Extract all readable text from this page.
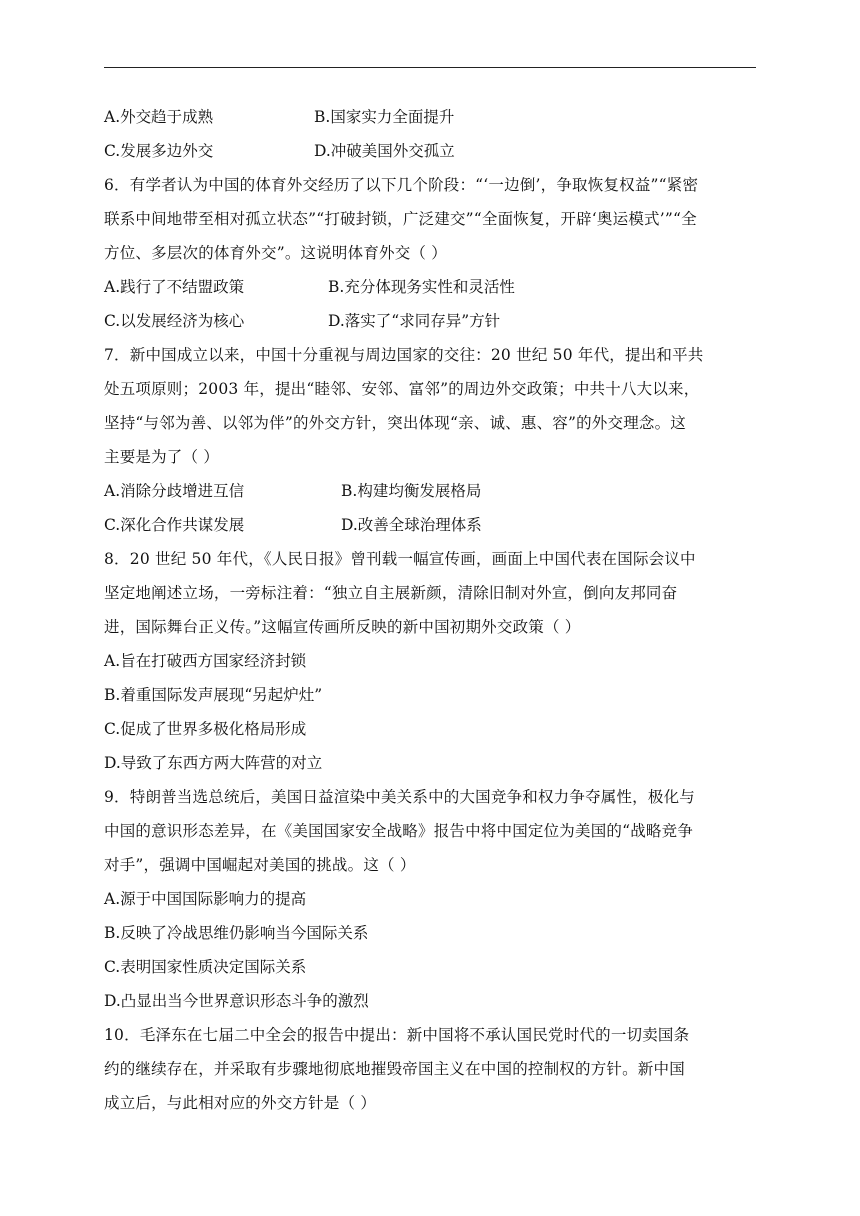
A.外交趋于成熟	B.国家实力全面提升
C.发展多边外交	D.冲破美国外交孤立
6．有学者认为中国的体育外交经历了以下几个阶段：“‘一边倒’，争取恢复权益”“紧密
联系中间地带至相对孤立状态”“打破封锁，广泛建交”“全面恢复，开辟‘奥运模式’”“全
方位、多层次的体育外交”。这说明体育外交（ ）
A.践行了不结盟政策	B.充分体现务实性和灵活性
C.以发展经济为核心	D.落实了“求同存异”方针
7．新中国成立以来，中国十分重视与周边国家的交往：20 世纪 50 年代，提出和平共
处五项原则；2003 年，提出“睦邻、安邻、富邻”的周边外交政策；中共十八大以来，
坚持“与邻为善、以邻为伴”的外交方针，突出体现“亲、诚、惠、容”的外交理念。这
主要是为了（ ）
A.消除分歧增进互信	B.构建均衡发展格局
C.深化合作共谋发展	D.改善全球治理体系
8．20 世纪 50 年代，《人民日报》曾刊载一幅宣传画，画面上中国代表在国际会议中
坚定地阐述立场，一旁标注着：“独立自主展新颜，清除旧制对外宣，倒向友邦同奋
进，国际舞台正义传。”这幅宣传画所反映的新中国初期外交政策（ ）
A.旨在打破西方国家经济封锁
B.着重国际发声展现“另起炉灶”
C.促成了世界多极化格局形成
D.导致了东西方两大阵营的对立
9．特朗普当选总统后，美国日益渲染中美关系中的大国竞争和权力争夺属性，极化与
中国的意识形态差异，在《美国国家安全战略》报告中将中国定位为美国的“战略竞争
对手”，强调中国崛起对美国的挑战。这（ ）
A.源于中国国际影响力的提高
B.反映了冷战思维仍影响当今国际关系
C.表明国家性质决定国际关系
D.凸显出当今世界意识形态斗争的激烈
10．毛泽东在七届二中全会的报告中提出：新中国将不承认国民党时代的一切卖国条
约的继续存在，并采取有步骤地彻底地摧毁帝国主义在中国的控制权的方针。新中国
成立后，与此相对应的外交方针是（ ）
